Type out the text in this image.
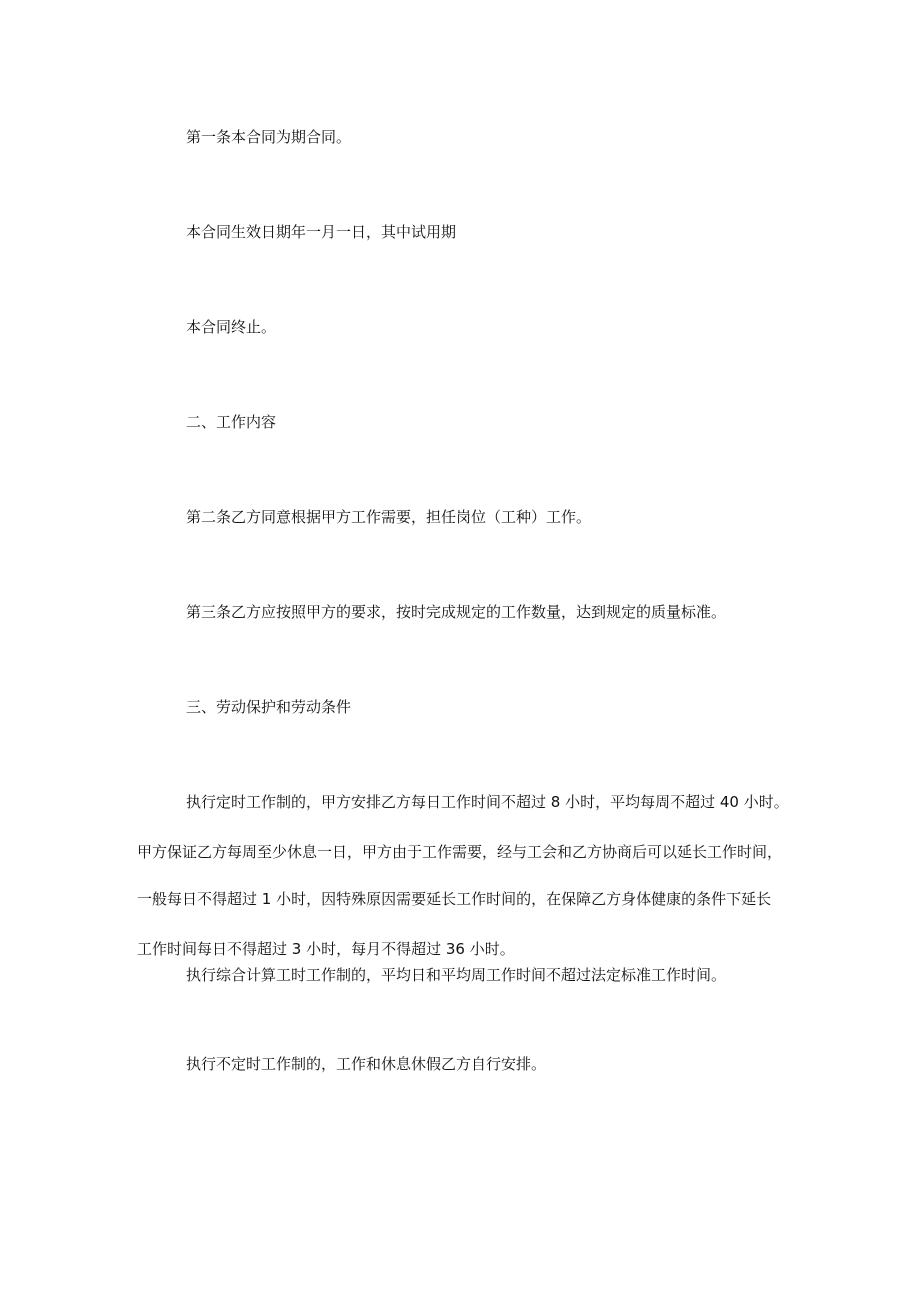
第一条本合同为期合同。
本合同生效日期年一月一日，其中试用期
本合同终止。
二、工作内容
第二条乙方同意根据甲方工作需要，担任岗位（工种）工作。
第三条乙方应按照甲方的要求，按时完成规定的工作数量，达到规定的质量标准。
三、劳动保护和劳动条件
执行定时工作制的，甲方安排乙方每日工作时间不超过 8 小时，平均每周不超过 40 小时。
甲方保证乙方每周至少休息一日，甲方由于工作需要，经与工会和乙方协商后可以延长工作时间，
一般每日不得超过 1 小时，因特殊原因需要延长工作时间的，在保障乙方身体健康的条件下延长
工作时间每日不得超过 3 小时，每月不得超过 36 小时。
执行综合计算工时工作制的，平均日和平均周工作时间不超过法定标准工作时间。
执行不定时工作制的，工作和休息休假乙方自行安排。
